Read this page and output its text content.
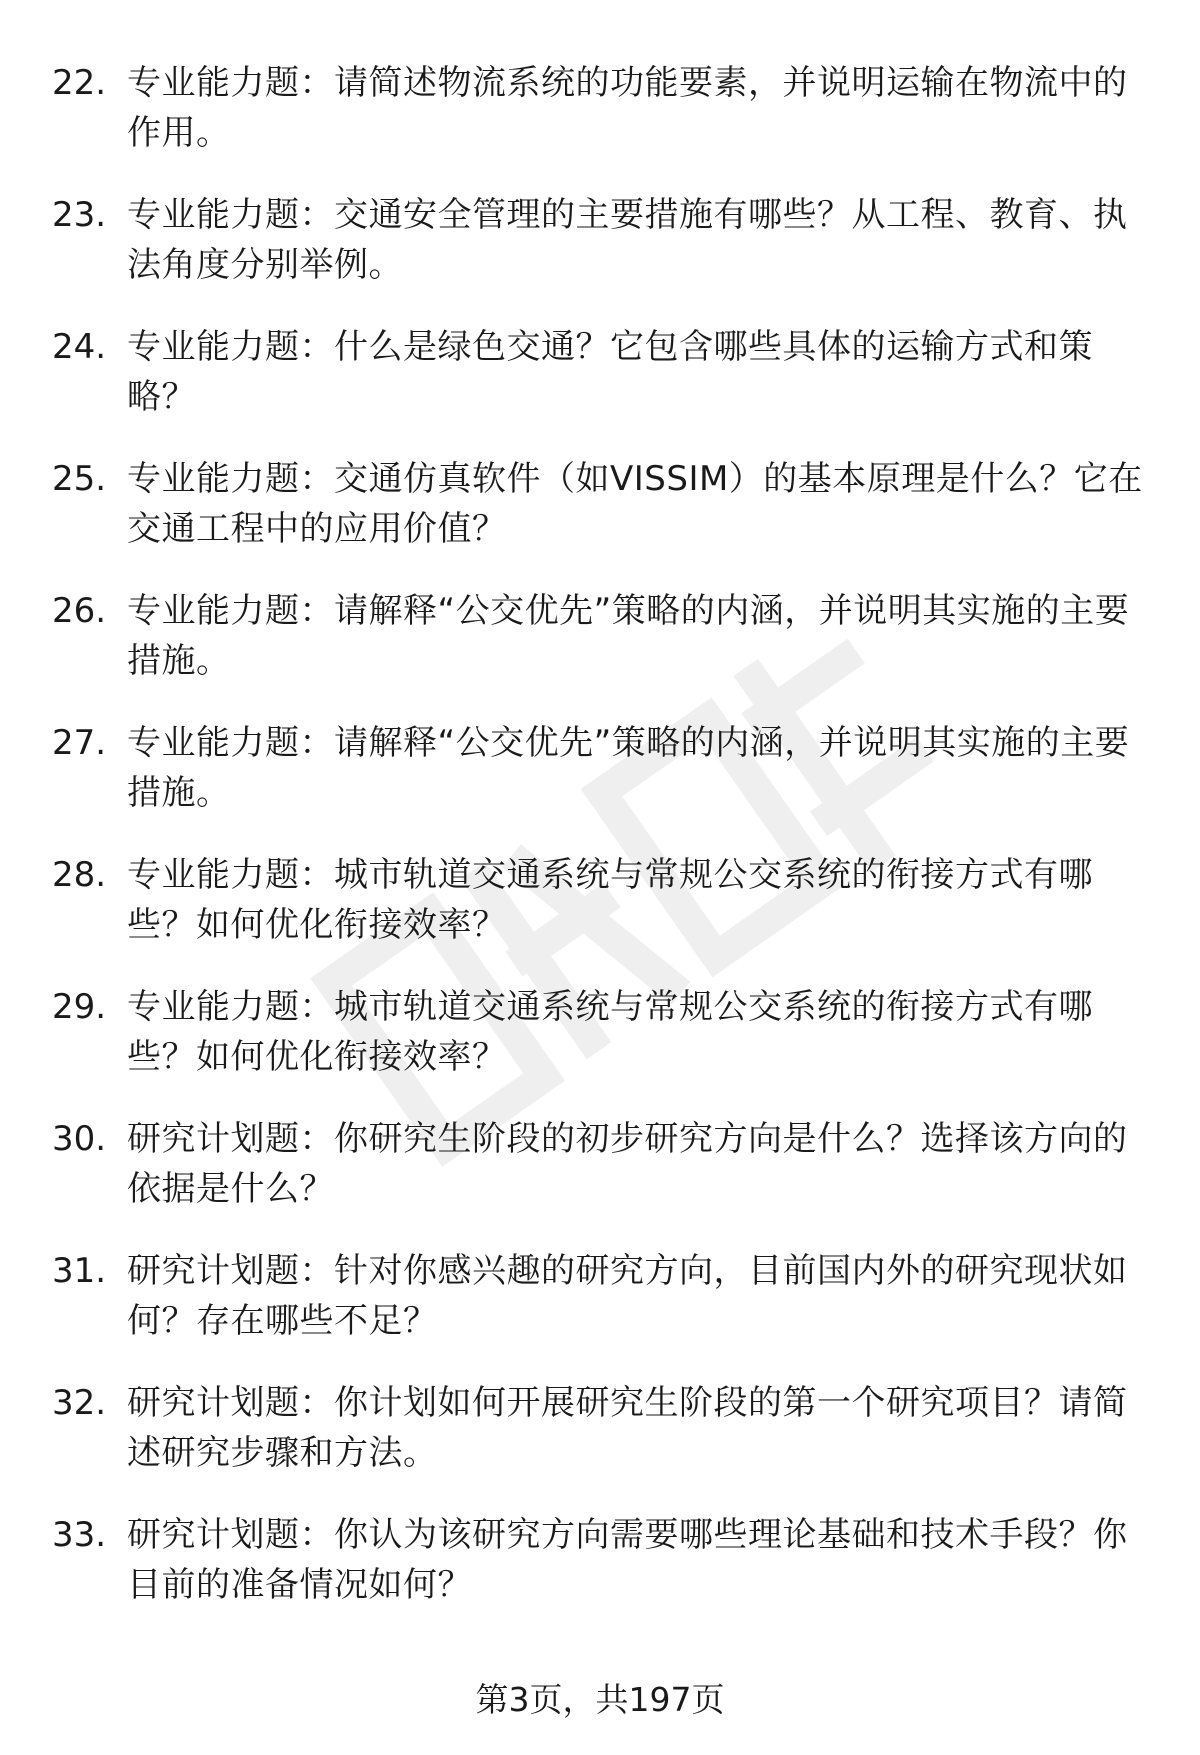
22. 专业能力题：请简述物流系统的功能要素，并说明运输在物流中的作用。
23. 专业能力题：交通安全管理的主要措施有哪些？从工程、教育、执法角度分别举例。
24. 专业能力题：什么是绿色交通？它包含哪些具体的运输方式和策略？
25. 专业能力题：交通仿真软件（如VISSIM）的基本原理是什么？它在交通工程中的应用价值？
26. 专业能力题：请解释“公交优先”策略的内涵，并说明其实施的主要措施。
27. 专业能力题：请解释“公交优先”策略的内涵，并说明其实施的主要措施。
28. 专业能力题：城市轨道交通系统与常规公交系统的衔接方式有哪些？如何优化衔接效率？
29. 专业能力题：城市轨道交通系统与常规公交系统的衔接方式有哪些？如何优化衔接效率？
30. 研究计划题：你研究生阶段的初步研究方向是什么？选择该方向的依据是什么？
31. 研究计划题：针对你感兴趣的研究方向，目前国内外的研究现状如何？存在哪些不足？
32. 研究计划题：你计划如何开展研究生阶段的第一个研究项目？请简述研究步骤和方法。
33. 研究计划题：你认为该研究方向需要哪些理论基础和技术手段？你目前的准备情况如何？
第3页，共197页
